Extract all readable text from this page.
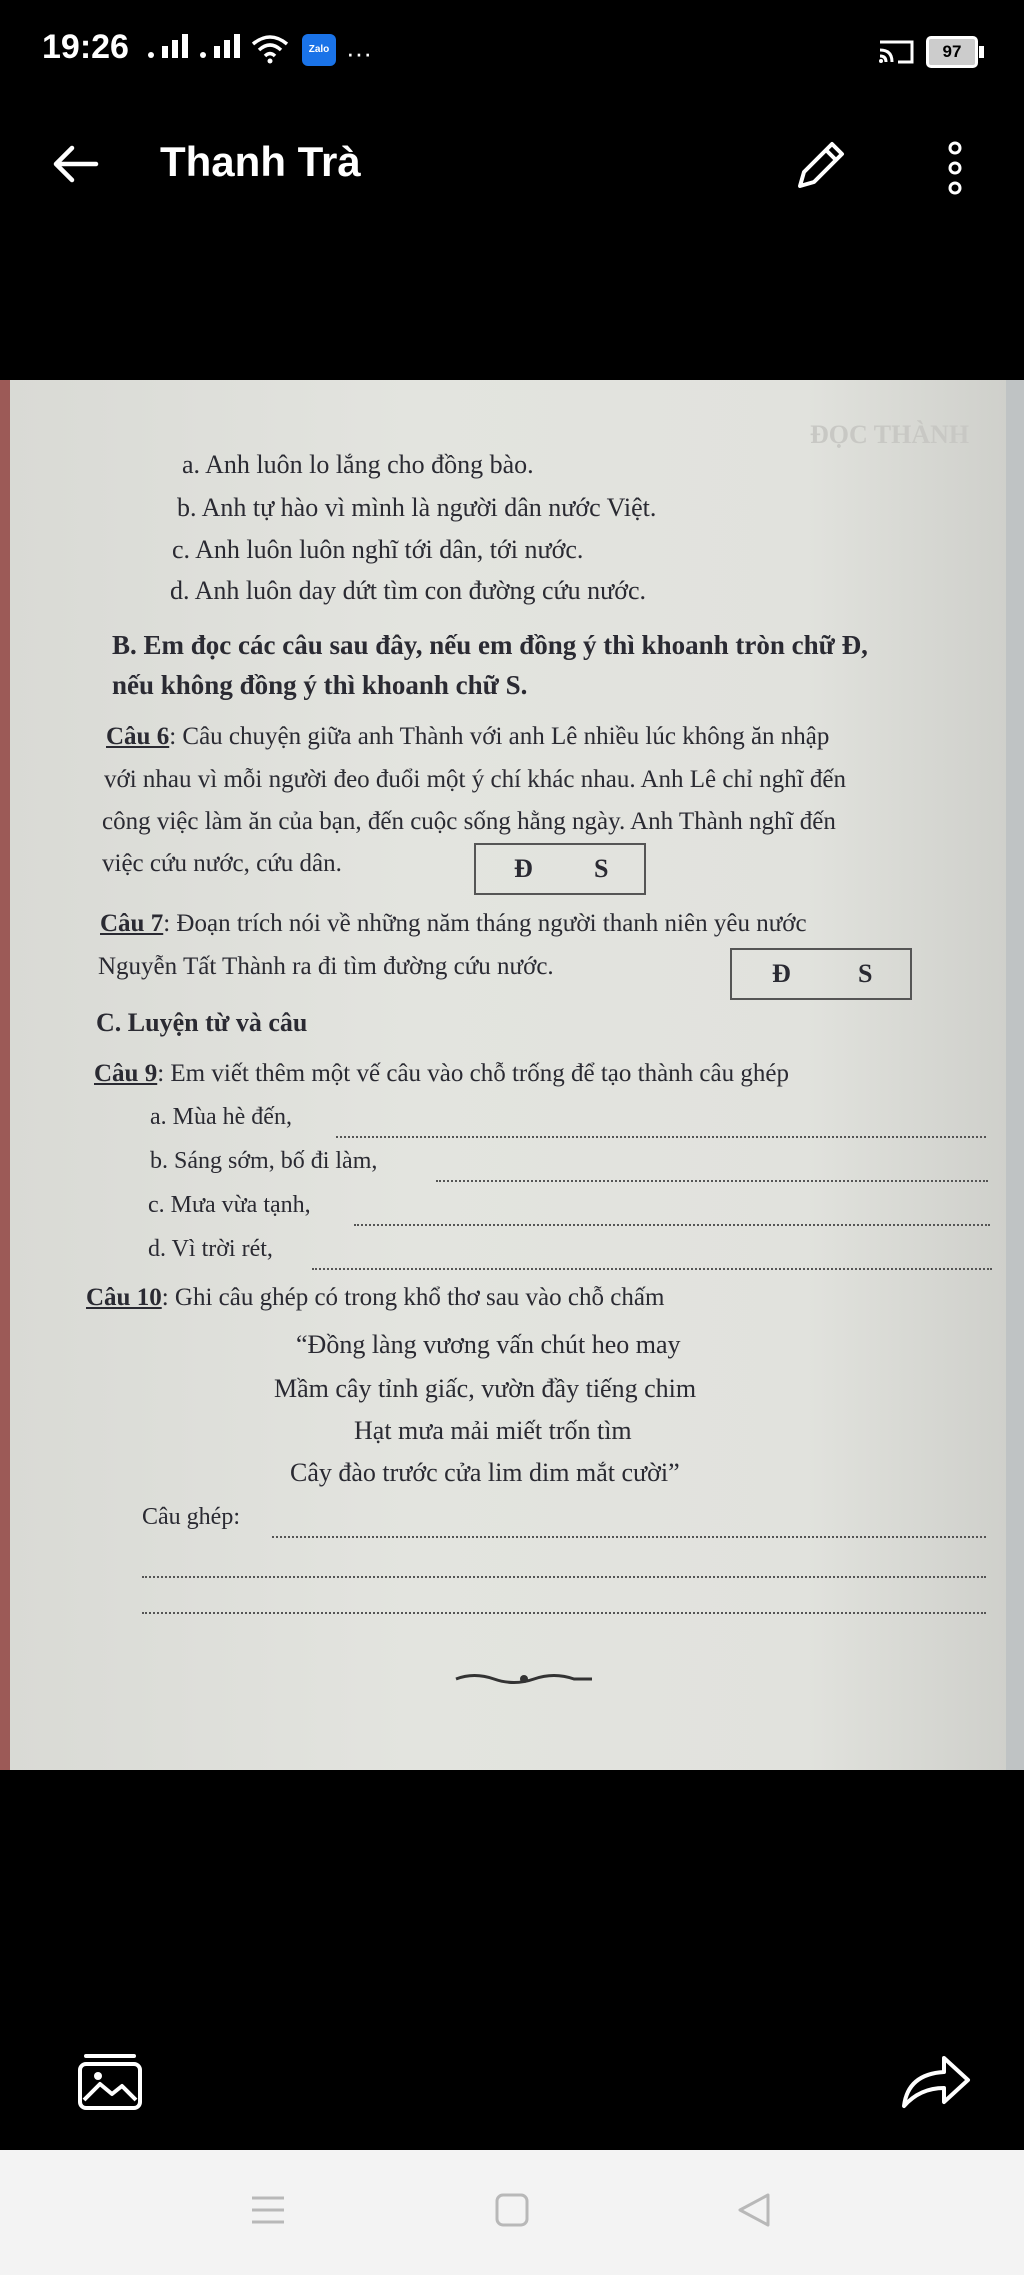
19:26	Zalo ···	97
Thanh Trà
ĐỌC THÀNH
a. Anh luôn lo lắng cho đồng bào.
b. Anh tự hào vì mình là người dân nước Việt.
c. Anh luôn luôn nghĩ tới dân, tới nước.
d. Anh luôn day dứt tìm con đường cứu nước.
B. Em đọc các câu sau đây, nếu em đồng ý thì khoanh tròn chữ Đ,
nếu không đồng ý thì khoanh chữ S.
Câu 6: Câu chuyện giữa anh Thành với anh Lê nhiều lúc không ăn nhập
với nhau vì mỗi người đeo đuổi một ý chí khác nhau. Anh Lê chỉ nghĩ đến
công việc làm ăn của bạn, đến cuộc sống hằng ngày. Anh Thành nghĩ đến
việc cứu nước, cứu dân.	Đ S
Câu 7: Đoạn trích nói về những năm tháng người thanh niên yêu nước
Nguyễn Tất Thành ra đi tìm đường cứu nước.	Đ	S
C. Luyện từ và câu
Câu 9: Em viết thêm một vế câu vào chỗ trống để tạo thành câu ghép
a. Mùa hè đến,
b. Sáng sớm, bố đi làm,
c. Mưa vừa tạnh,
d. Vì trời rét,
Câu 10: Ghi câu ghép có trong khổ thơ sau vào chỗ chấm
“Đồng làng vương vấn chút heo may
Mầm cây tỉnh giấc, vườn đầy tiếng chim
Hạt mưa mải miết trốn tìm
Cây đào trước cửa lim dim mắt cười”
Câu ghép:
